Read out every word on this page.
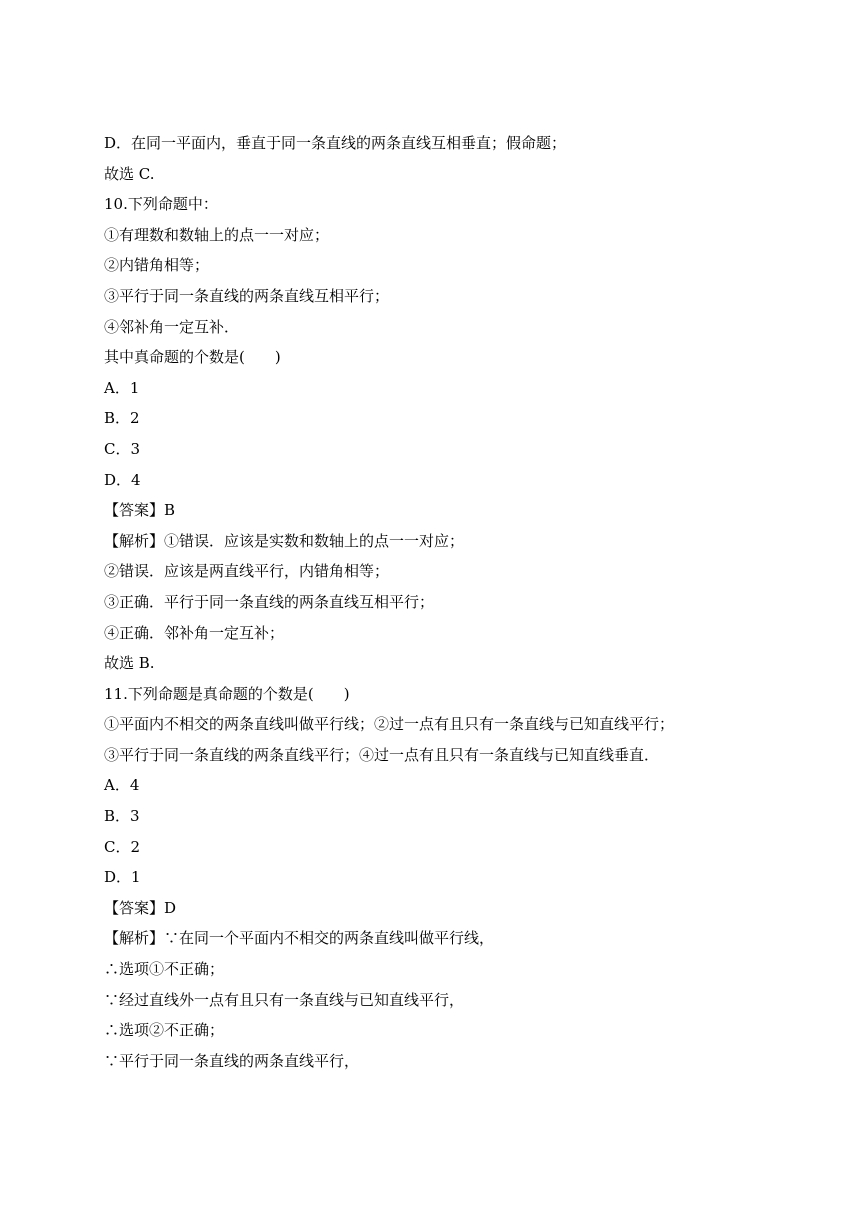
D．在同一平面内，垂直于同一条直线的两条直线互相垂直；假命题；
故选 C.
10.下列命题中：
①有理数和数轴上的点一一对应；
②内错角相等；
③平行于同一条直线的两条直线互相平行；
④邻补角一定互补．
其中真命题的个数是(　　)
A．1
B．2
C．3
D．4
【答案】B
【解析】①错误．应该是实数和数轴上的点一一对应；
②错误．应该是两直线平行，内错角相等；
③正确．平行于同一条直线的两条直线互相平行；
④正确．邻补角一定互补；
故选 B.
11.下列命题是真命题的个数是(　　)
①平面内不相交的两条直线叫做平行线；②过一点有且只有一条直线与已知直线平行；
③平行于同一条直线的两条直线平行；④过一点有且只有一条直线与已知直线垂直．
A．4
B．3
C．2
D．1
【答案】D
【解析】∵在同一个平面内不相交的两条直线叫做平行线，
∴选项①不正确；
∵经过直线外一点有且只有一条直线与已知直线平行，
∴选项②不正确；
∵平行于同一条直线的两条直线平行，
